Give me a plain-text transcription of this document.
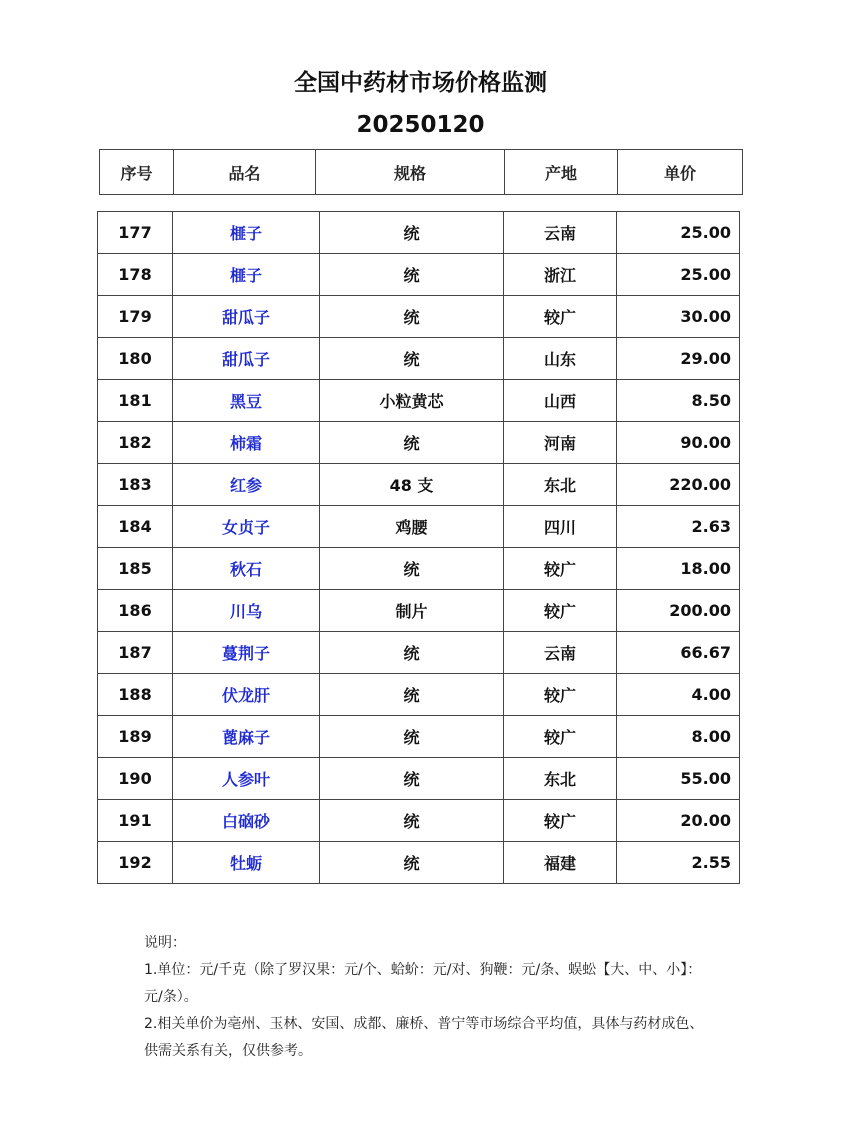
全国中药材市场价格监测
20250120
序号	品名	规格	产地	单价
177	榧子	统	云南	25.00
178	榧子	统	浙江	25.00
179	甜瓜子	统	较广	30.00
180	甜瓜子	统	山东	29.00
181	黑豆	小粒黄芯	山西	8.50
182	柿霜	统	河南	90.00
183	红参	48 支	东北	220.00
184	女贞子	鸡腰	四川	2.63
185	秋石	统	较广	18.00
186	川乌	制片	较广	200.00
187	蔓荆子	统	云南	66.67
188	伏龙肝	统	较广	4.00
189	蓖麻子	统	较广	8.00
190	人参叶	统	东北	55.00
191	白硇砂	统	较广	20.00
192	牡蛎	统	福建	2.55

说明：

1.单位：元/千克（除了罗汉果：元/个、蛤蚧：元/对、狗鞭：元/条、蜈蚣【大、中、小】：元/条）。

2.相关单价为亳州、玉林、安国、成都、廉桥、普宁等市场综合平均值，具体与药材成色、供需关系有关，仅供参考。
